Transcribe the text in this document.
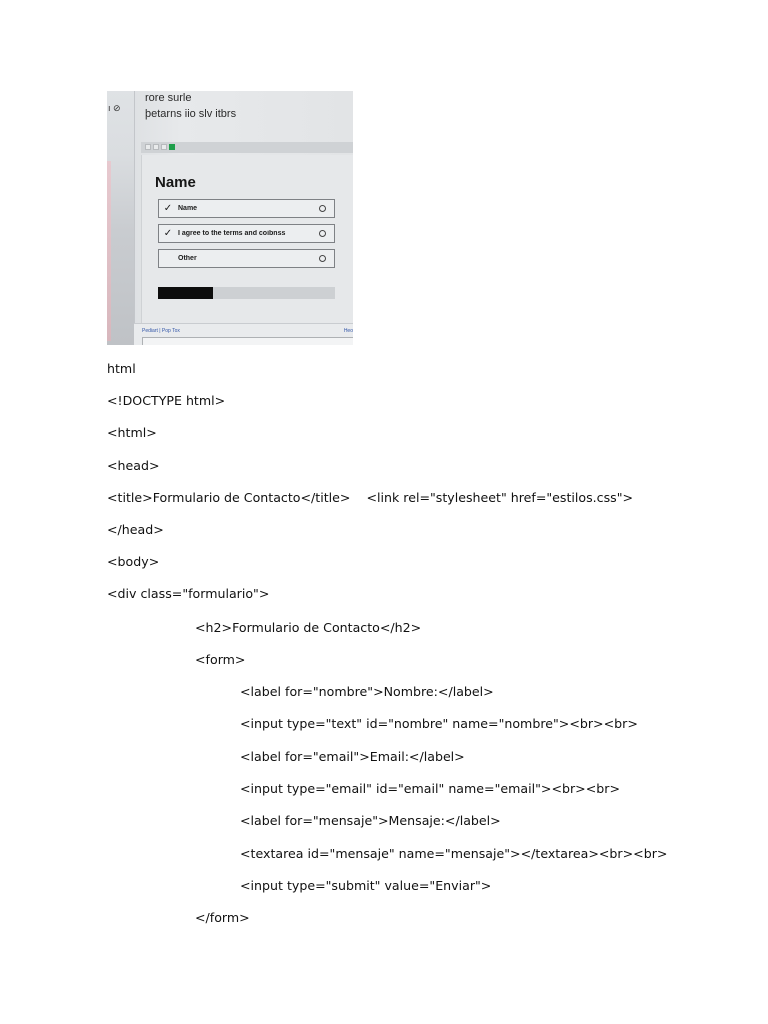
ı ⊘
rore surle
þetarns iio slv itbrs
Name
✓ Name
✓ I agree to the terms and coibnss
Other
Pediart | Pop Tox	Heo
html
<!DOCTYPE html>
<html>
<head>
<title>Formulario de Contacto</title>    <link rel="stylesheet" href="estilos.css">
</head>
<body>
<div class="formulario">
<h2>Formulario de Contacto</h2>
<form>
<label for="nombre">Nombre:</label>
<input type="text" id="nombre" name="nombre"><br><br>
<label for="email">Email:</label>
<input type="email" id="email" name="email"><br><br>
<label for="mensaje">Mensaje:</label>
<textarea id="mensaje" name="mensaje"></textarea><br><br>
<input type="submit" value="Enviar">
</form>
